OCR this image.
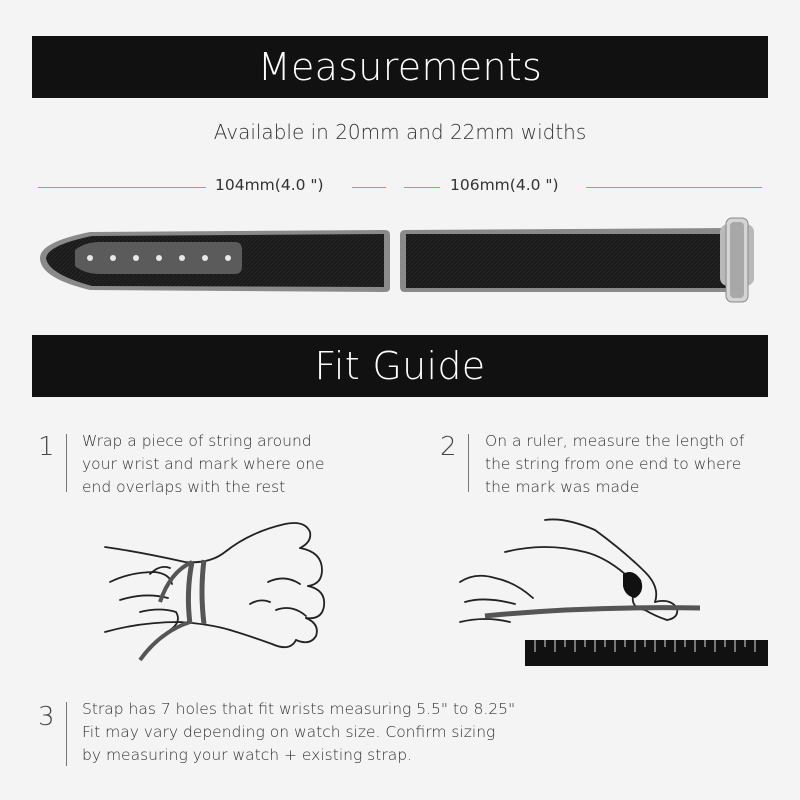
Measurements
Available in 20mm and 22mm widths
104mm(4.0 ")	106mm(4.0 ")
Fit Guide
1 Wrap a piece of string around
your wrist and mark where one
end overlaps with the rest
2 On a ruler, measure the length of
the string from one end to where
the mark was made
3 Strap has 7 holes that fit wrists measuring 5.5" to 8.25"
Fit may vary depending on watch size. Confirm sizing
by measuring your watch + existing strap.
